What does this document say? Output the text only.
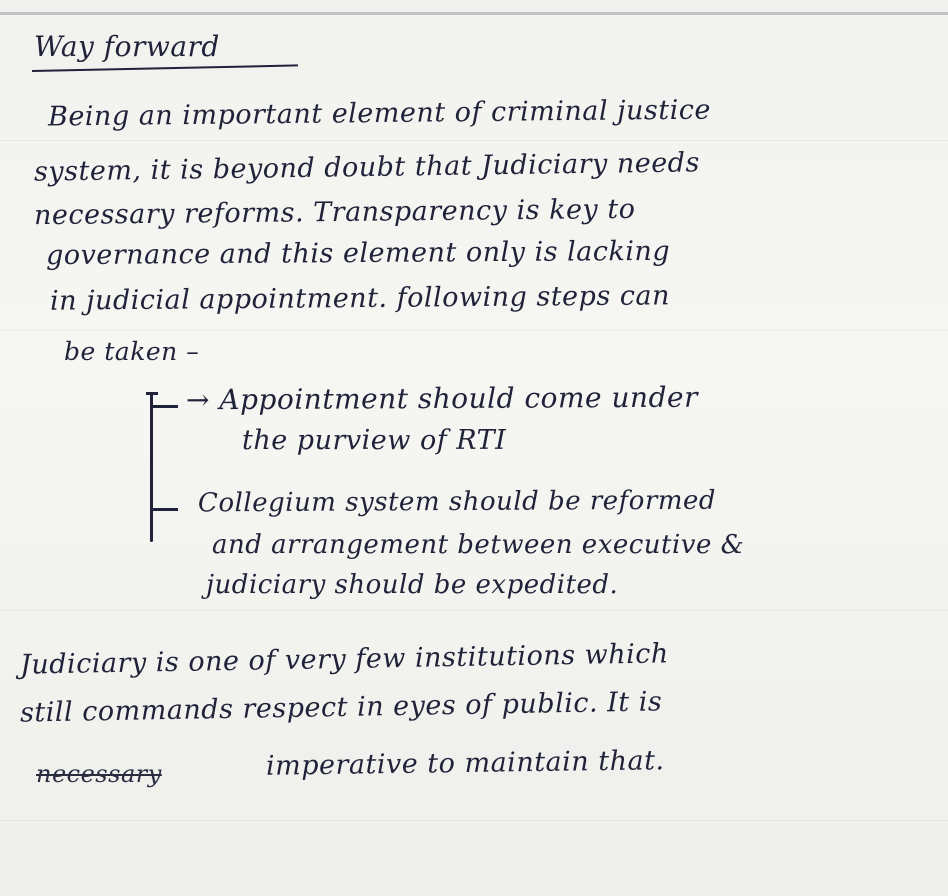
Way forward
Being an important element of criminal justice
system, it is beyond doubt that Judiciary needs
necessary reforms. Transparency is key to
governance and this element only is lacking
in judicial appointment. following steps can
be taken –
→ Appointment should come under
the purview of RTI
Collegium system should be reformed
and arrangement between executive &
judiciary should be expedited.
Judiciary is one of very few institutions which
still commands respect in eyes of public. It is
necessary	imperative to maintain that.
